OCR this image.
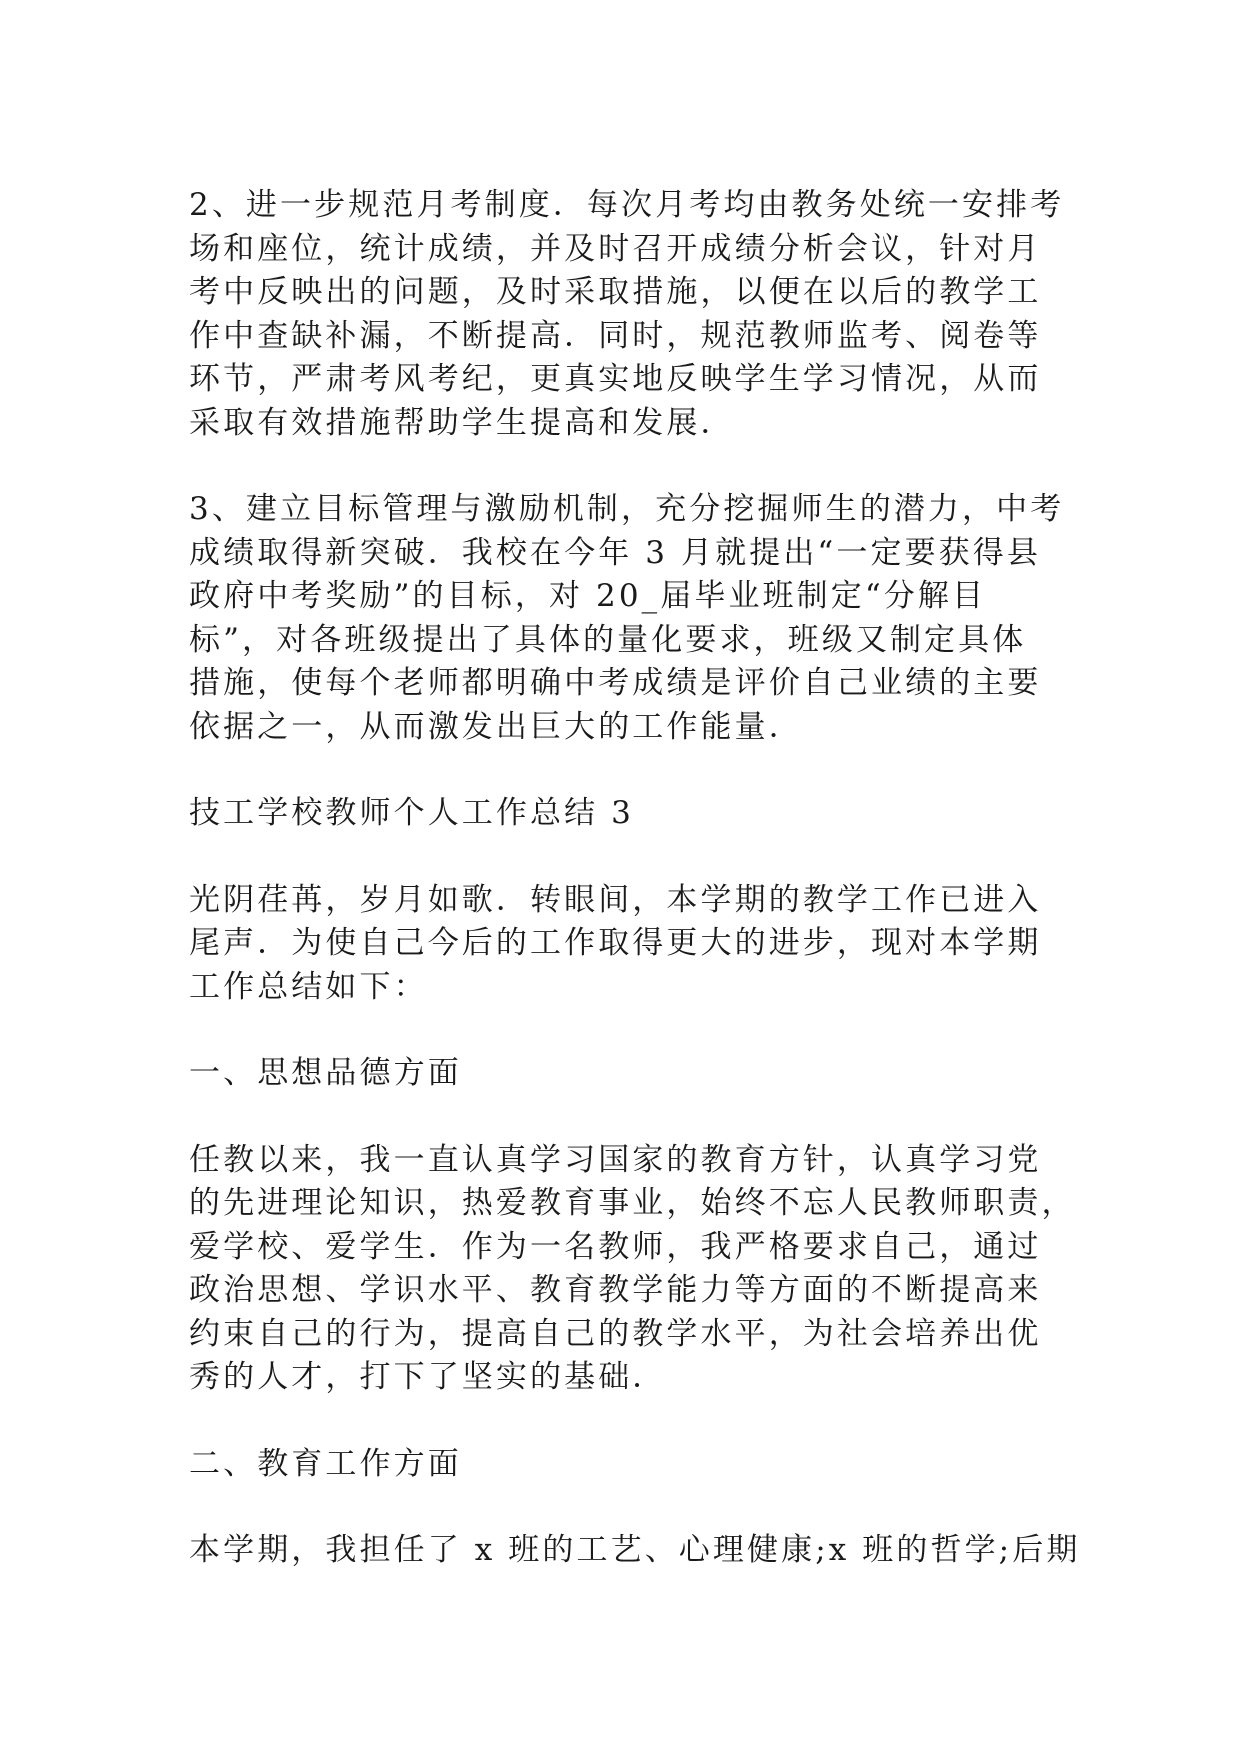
2、进一步规范月考制度．每次月考均由教务处统一安排考
场和座位，统计成绩，并及时召开成绩分析会议，针对月
考中反映出的问题，及时采取措施，以便在以后的教学工
作中查缺补漏，不断提高．同时，规范教师监考、阅卷等
环节，严肃考风考纪，更真实地反映学生学习情况，从而
采取有效措施帮助学生提高和发展．
3、建立目标管理与激励机制，充分挖掘师生的潜力，中考
成绩取得新突破．我校在今年 3 月就提出“一定要获得县
政府中考奖励”的目标，对 20_届毕业班制定“分解目
标”，对各班级提出了具体的量化要求，班级又制定具体
措施，使每个老师都明确中考成绩是评价自己业绩的主要
依据之一，从而激发出巨大的工作能量．
技工学校教师个人工作总结 3
光阴荏苒，岁月如歌．转眼间，本学期的教学工作已进入
尾声．为使自己今后的工作取得更大的进步，现对本学期
工作总结如下：
一、思想品德方面
任教以来，我一直认真学习国家的教育方针，认真学习党
的先进理论知识，热爱教育事业，始终不忘人民教师职责，
爱学校、爱学生．作为一名教师，我严格要求自己，通过
政治思想、学识水平、教育教学能力等方面的不断提高来
约束自己的行为，提高自己的教学水平，为社会培养出优
秀的人才，打下了坚实的基础．
二、教育工作方面
本学期，我担任了 x 班的工艺、心理健康;x 班的哲学;后期
